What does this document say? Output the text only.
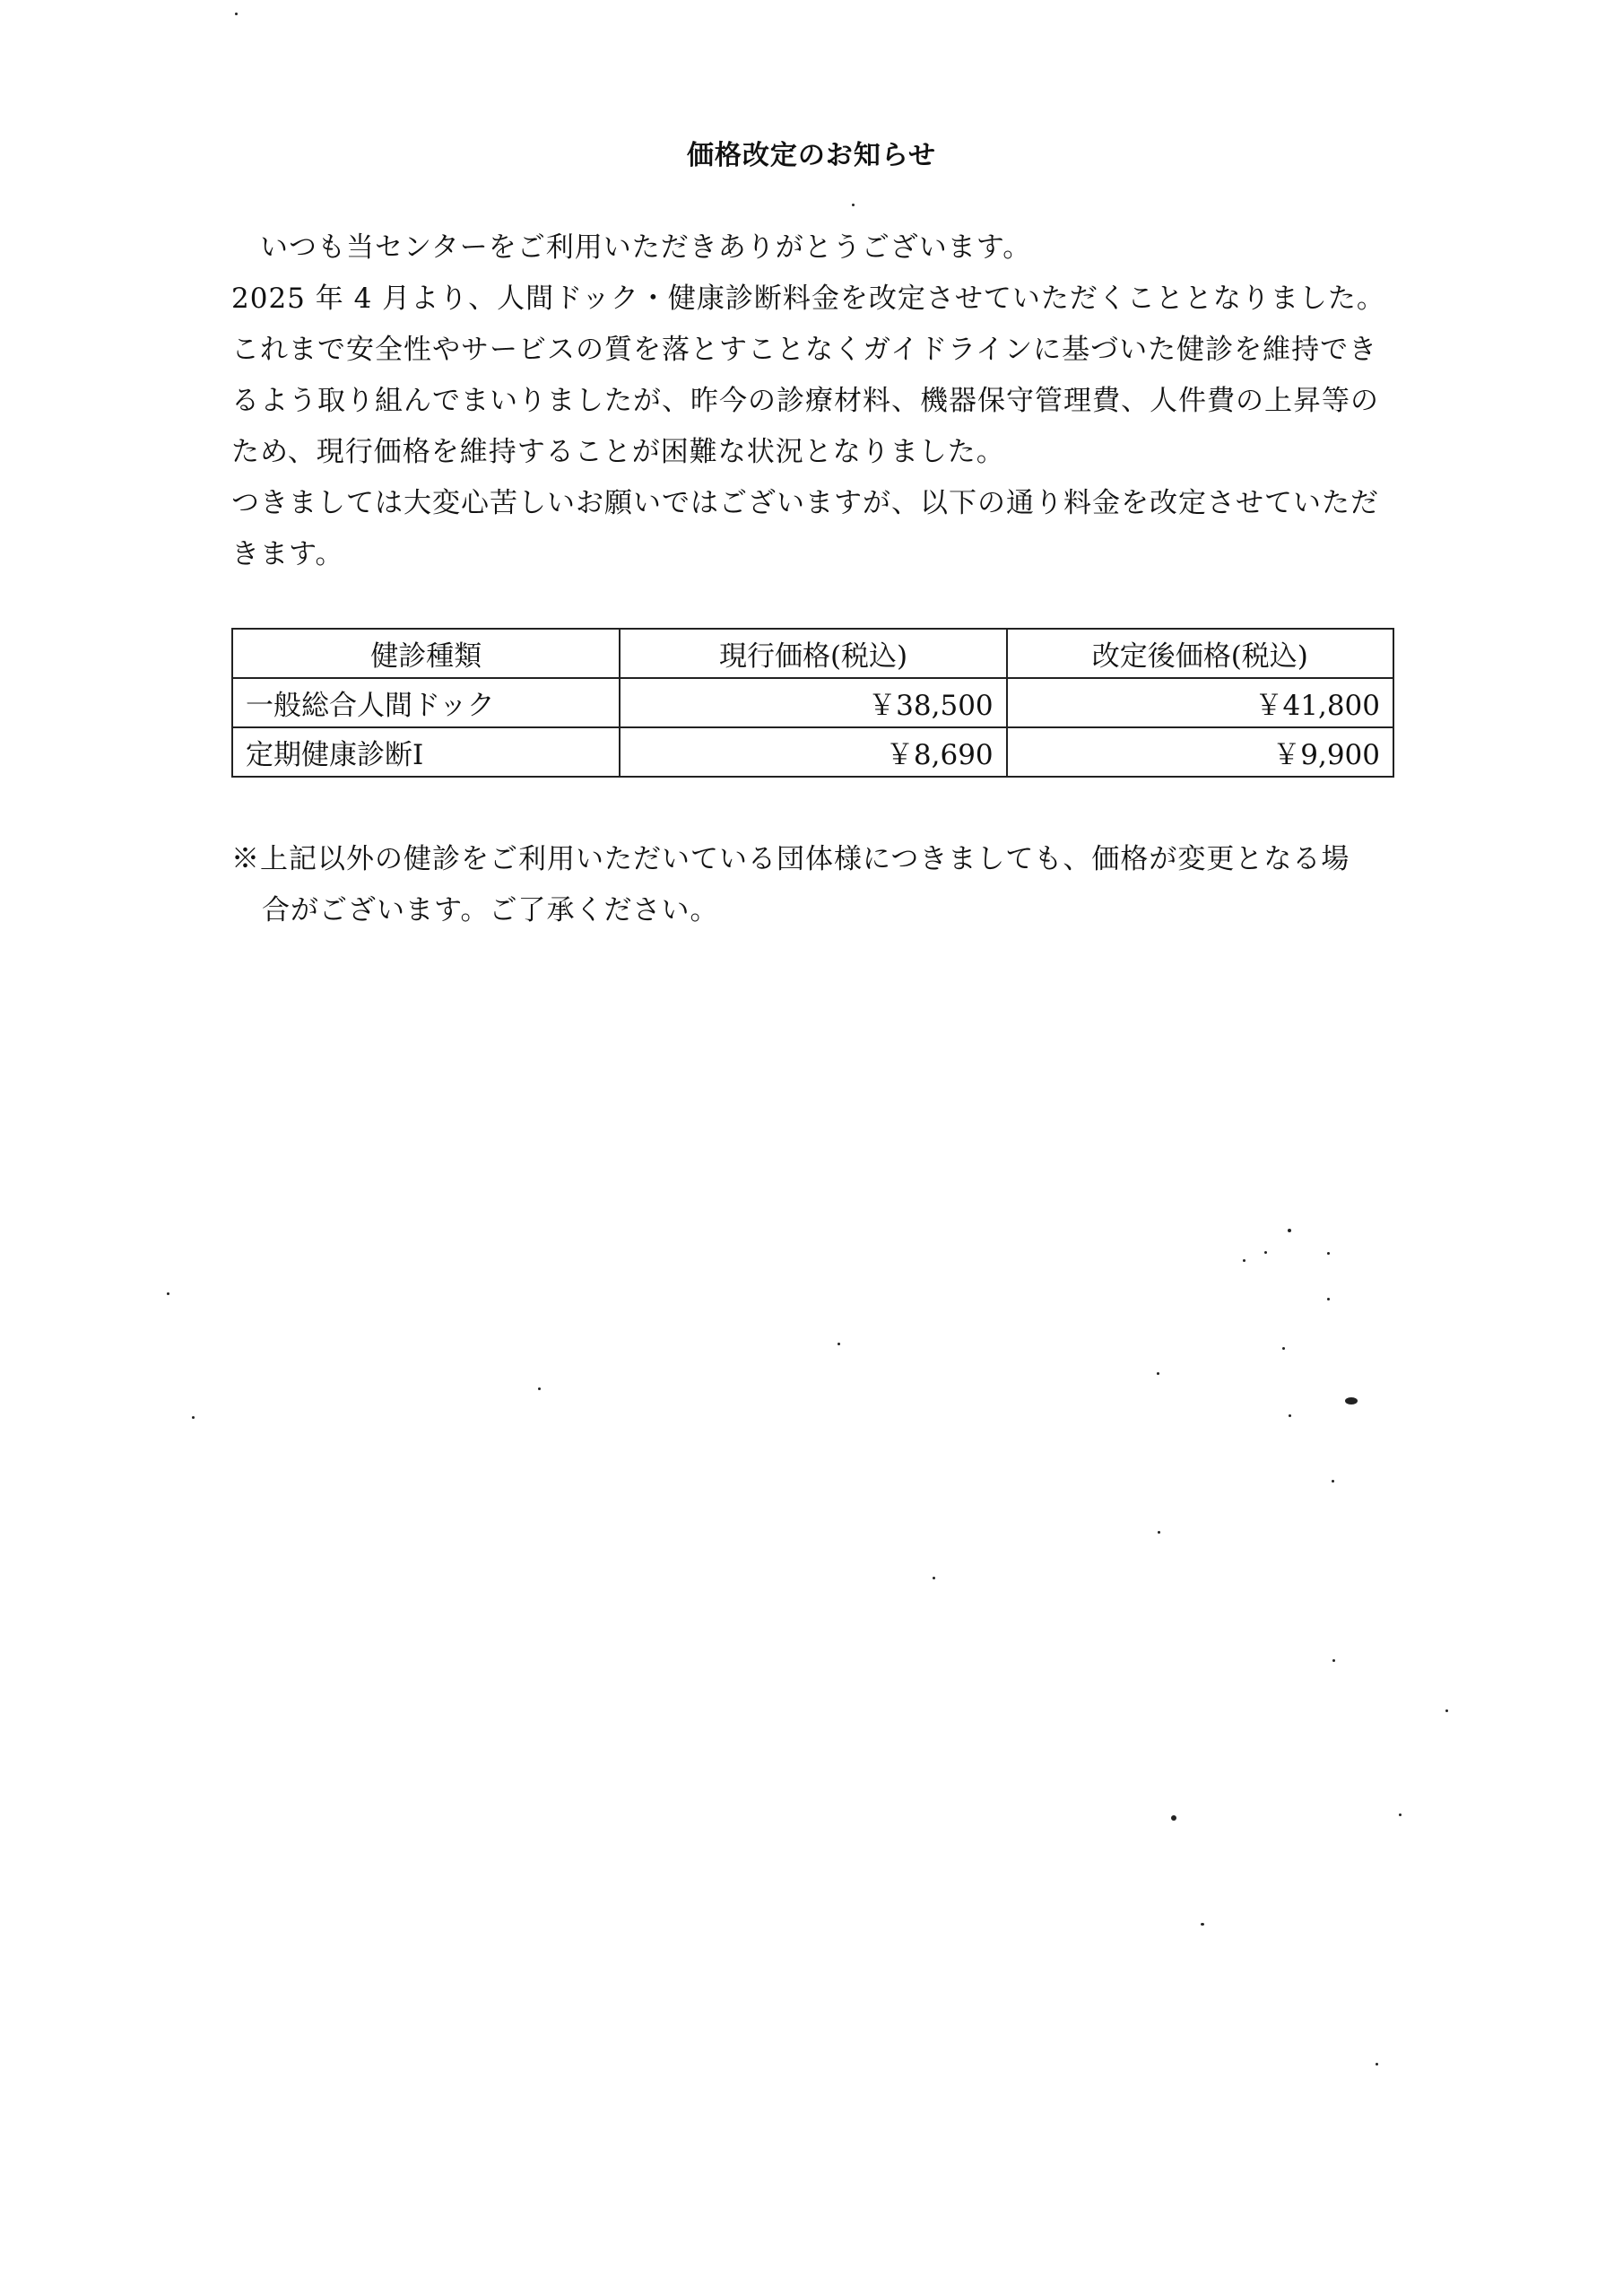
価格改定のお知らせ

いつも当センターをご利用いただきありがとうございます。

2025 年 4 月より、人間ドック・健康診断料金を改定させていただくこととなりました。これまで安全性やサービスの質を落とすことなくガイドラインに基づいた健診を維持できるよう取り組んでまいりましたが、昨今の診療材料、機器保守管理費、人件費の上昇等のため、現行価格を維持することが困難な状況となりました。

つきましては大変心苦しいお願いではございますが、以下の通り料金を改定させていただきます。

健診種類	現行価格(税込)	改定後価格(税込)
一般総合人間ドック	￥38,500	￥41,800
定期健康診断Ⅰ	￥8,690	￥9,900
※上記以外の健診をご利用いただいている団体様につきましても、価格が変更となる場
合がございます。ご了承ください。
